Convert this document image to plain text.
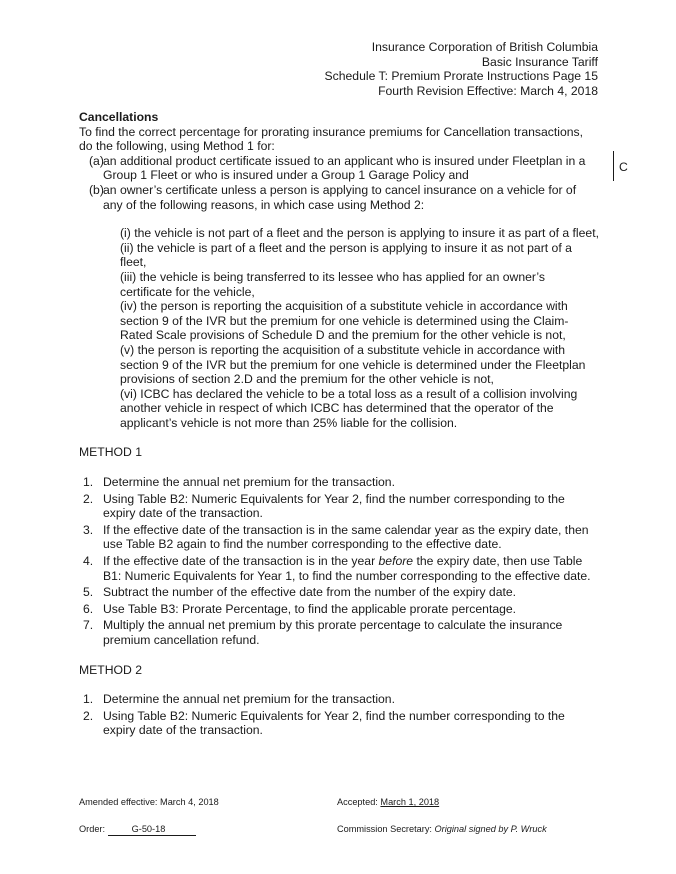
Insurance Corporation of British Columbia
Basic Insurance Tariff
Schedule T: Premium Prorate Instructions Page 15
Fourth Revision Effective: March 4, 2018
C
Cancellations
To find the correct percentage for prorating insurance premiums for Cancellation transactions, do the following, using Method 1 for:
(a) an additional product certificate issued to an applicant who is insured under Fleetplan in a Group 1 Fleet or who is insured under a Group 1 Garage Policy and
(b) an owner’s certificate unless a person is applying to cancel insurance on a vehicle for of any of the following reasons, in which case using Method 2:
(i) the vehicle is not part of a fleet and the person is applying to insure it as part of a fleet,
(ii) the vehicle is part of a fleet and the person is applying to insure it as not part of a fleet,
(iii) the vehicle is being transferred to its lessee who has applied for an owner’s certificate for the vehicle,
(iv) the person is reporting the acquisition of a substitute vehicle in accordance with section 9 of the IVR but the premium for one vehicle is determined using the Claim-Rated Scale provisions of Schedule D and the premium for the other vehicle is not,
(v) the person is reporting the acquisition of a substitute vehicle in accordance with section 9 of the IVR but the premium for one vehicle is determined under the Fleetplan provisions of section 2.D and the premium for the other vehicle is not,
(vi) ICBC has declared the vehicle to be a total loss as a result of a collision involving another vehicle in respect of which ICBC has determined that the operator of the applicant’s vehicle is not more than 25% liable for the collision.
METHOD 1
1. Determine the annual net premium for the transaction.
2. Using Table B2: Numeric Equivalents for Year 2, find the number corresponding to the expiry date of the transaction.
3. If the effective date of the transaction is in the same calendar year as the expiry date, then use Table B2 again to find the number corresponding to the effective date.
4. If the effective date of the transaction is in the year before the expiry date, then use Table B1: Numeric Equivalents for Year 1, to find the number corresponding to the effective date.
5. Subtract the number of the effective date from the number of the expiry date.
6. Use Table B3: Prorate Percentage, to find the applicable prorate percentage.
7. Multiply the annual net premium by this prorate percentage to calculate the insurance premium cancellation refund.
METHOD 2
1. Determine the annual net premium for the transaction.
2. Using Table B2: Numeric Equivalents for Year 2, find the number corresponding to the expiry date of the transaction.
Amended effective: March 4, 2018	Accepted: March 1, 2018
Order:	G-50-18	Commission Secretary: Original signed by P. Wruck
